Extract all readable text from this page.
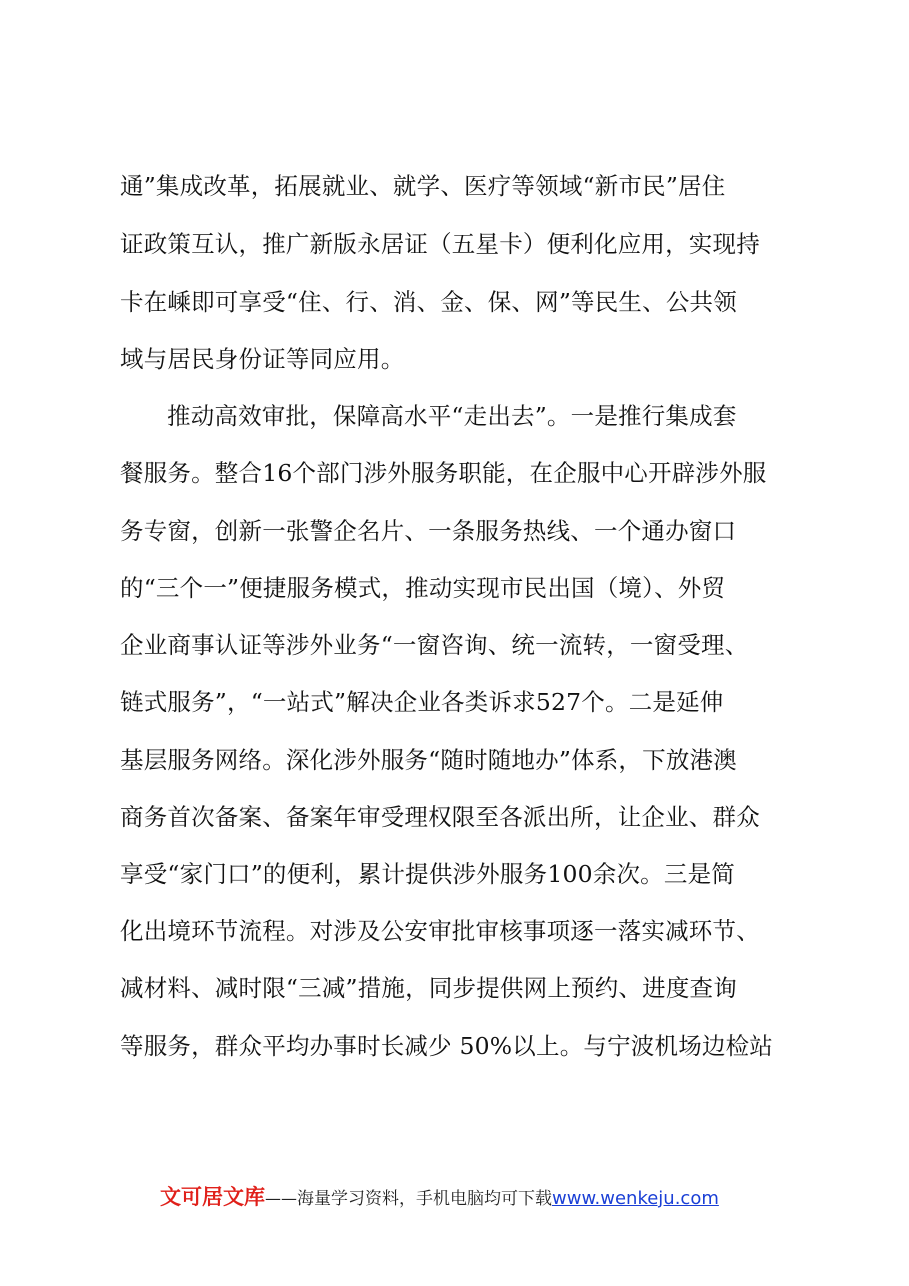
通”集成改革，拓展就业、就学、医疗等领域“新市民”居住
证政策互认，推广新版永居证（五星卡）便利化应用，实现持
卡在嵊即可享受“住、行、消、金、保、网”等民生、公共领
域与居民身份证等同应用。
推动高效审批，保障高水平“走出去”。一是推行集成套
餐服务。整合16个部门涉外服务职能，在企服中心开辟涉外服
务专窗，创新一张警企名片、一条服务热线、一个通办窗口
的“三个一”便捷服务模式，推动实现市民出国（境）、外贸
企业商事认证等涉外业务“一窗咨询、统一流转，一窗受理、
链式服务”，“一站式”解决企业各类诉求527个。二是延伸
基层服务网络。深化涉外服务“随时随地办”体系，下放港澳
商务首次备案、备案年审受理权限至各派出所，让企业、群众
享受“家门口”的便利，累计提供涉外服务100余次。三是简
化出境环节流程。对涉及公安审批审核事项逐一落实减环节、
减材料、减时限“三减”措施，同步提供网上预约、进度查询
等服务，群众平均办事时长减少 50%以上。与宁波机场边检站
文可居文库——海量学习资料，手机电脑均可下载www.wenkeju.com
